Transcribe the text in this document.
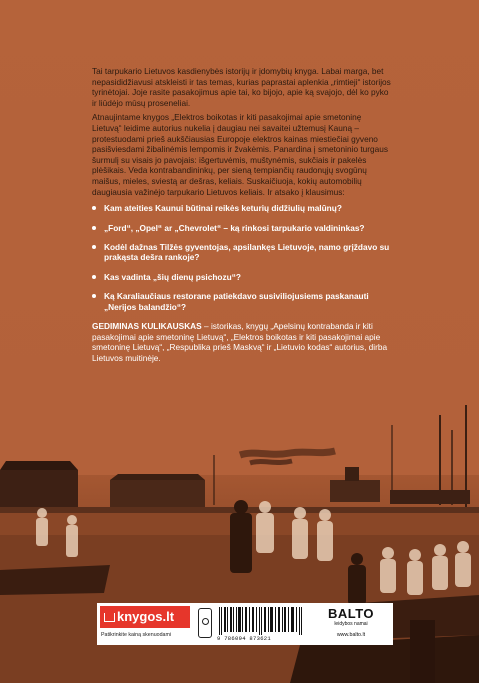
Tai tarpukario Lietuvos kasdienybės istorijų ir įdomybių knyga. Labai marga, bet nepasididžiavusi atskleisti ir tas temas, kurias paprastai aplenkia „rimtieji“ istorijos tyrinėtojai. Joje rasite pasakojimus apie tai, ko bijojo, apie ką svajojo, dėl ko pyko ir liūdėjo mūsų proseneliai.

Atnaujintame knygos „Elektros boikotas ir kiti pasakojimai apie smetoninę Lietuvą“ leidime autorius nukelia į daugiau nei savaitei užtemusį Kauną – protestuodami prieš aukščiausias Europoje elektros kainas miestiečiai gyveno pasišviesdami žibalinėmis lempomis ir žvakėmis. Panardina į smetoninio turgaus šurmulį su visais jo pavojais: išgertuvėmis, muštynėmis, sukčiais ir pakelės plėšikais. Veda kontrabandininkų, per sieną tempiančių raudonųjų svogūnų maišus, mieles, sviestą ar dešras, keliais. Suskaičiuoja, kokių automobilių daugiausia važinėjo tarpukario Lietuvos keliais. Ir atsako į klausimus:

Kam ateities Kaunui būtinai reikės keturių didžiulių malūnų?
„Ford“, „Opel“ ar „Chevrolet“ – ką rinkosi tarpukario valdininkas?
Kodėl dažnas Tilžės gyventojas, apsilankęs Lietuvoje, namo grįždavo su prakąsta dešra rankoje?
Kas vadinta „šių dienų psichozu“?
Ką Karaliaučiaus restorane patiekdavo susiviliojusiems paskanauti „Nerijos balandžio“?

GEDIMINAS KULIKAUSKAS – istorikas, knygų „Apelsinų kontrabanda ir kiti pasakojimai apie smetoninę Lietuvą“, „Elektros boikotas ir kiti pasakojimai apie smetoninę Lietuvą“, „Respublika prieš Maskvą“ ir „Lietuvio kodas“ autorius, dirba Lietuvos muitinėje.

knygos.lt
Patikrinkite kainą skenuodami	9 786094 873621
BALTO
leidybos namai
www.balto.lt
